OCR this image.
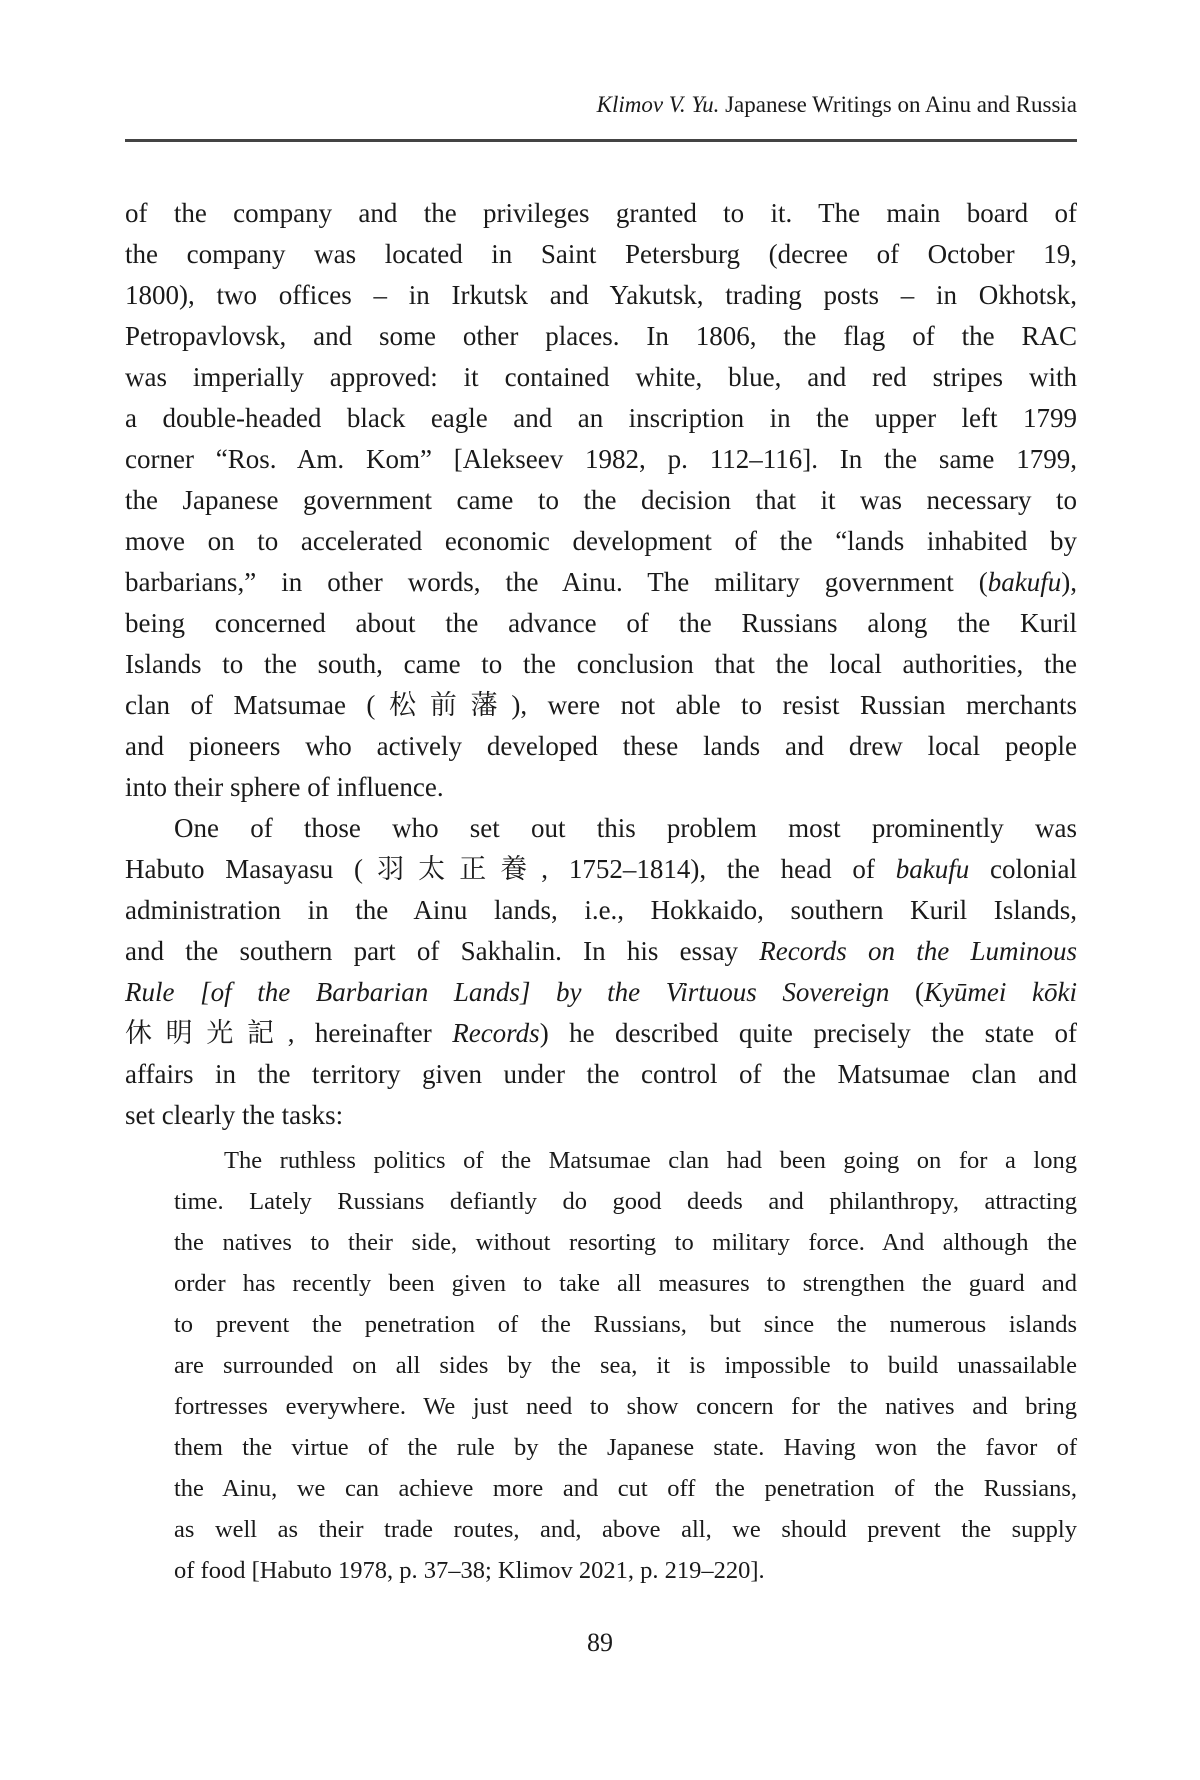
Klimov V. Yu. Japanese Writings on Ainu and Russia
of the company and the privileges granted to it. The main board of
the company was located in Saint Petersburg (decree of October 19,
1800), two offices – in Irkutsk and Yakutsk, trading posts – in Okhotsk,
Petropavlovsk, and some other places. In 1806, the flag of the RAC
was imperially approved: it contained white, blue, and red stripes with
a double-headed black eagle and an inscription in the upper left 1799
corner “Ros. Am. Kom” [Alekseev 1982, p. 112–116]. In the same 1799,
the Japanese government came to the decision that it was necessary to
move on to accelerated economic development of the “lands inhabited by
barbarians,” in other words, the Ainu. The military government (bakufu),
being concerned about the advance of the Russians along the Kuril
Islands to the south, came to the conclusion that the local authorities, the
clan of Matsumae (松前藩), were not able to resist Russian merchants
and pioneers who actively developed these lands and drew local people
into their sphere of influence.
One of those who set out this problem most prominently was
Habuto Masayasu (羽太正養, 1752–1814), the head of bakufu colonial
administration in the Ainu lands, i.e., Hokkaido, southern Kuril Islands,
and the southern part of Sakhalin. In his essay Records on the Luminous
Rule [of the Barbarian Lands] by the Virtuous Sovereign (Kyūmei kōki
休明光記, hereinafter Records) he described quite precisely the state of
affairs in the territory given under the control of the Matsumae clan and
set clearly the tasks:
The ruthless politics of the Matsumae clan had been going on for a long
time. Lately Russians defiantly do good deeds and philanthropy, attracting
the natives to their side, without resorting to military force. And although the
order has recently been given to take all measures to strengthen the guard and
to prevent the penetration of the Russians, but since the numerous islands
are surrounded on all sides by the sea, it is impossible to build unassailable
fortresses everywhere. We just need to show concern for the natives and bring
them the virtue of the rule by the Japanese state. Having won the favor of
the Ainu, we can achieve more and cut off the penetration of the Russians,
as well as their trade routes, and, above all, we should prevent the supply
of food [Habuto 1978, p. 37–38; Klimov 2021, p. 219–220].
89
